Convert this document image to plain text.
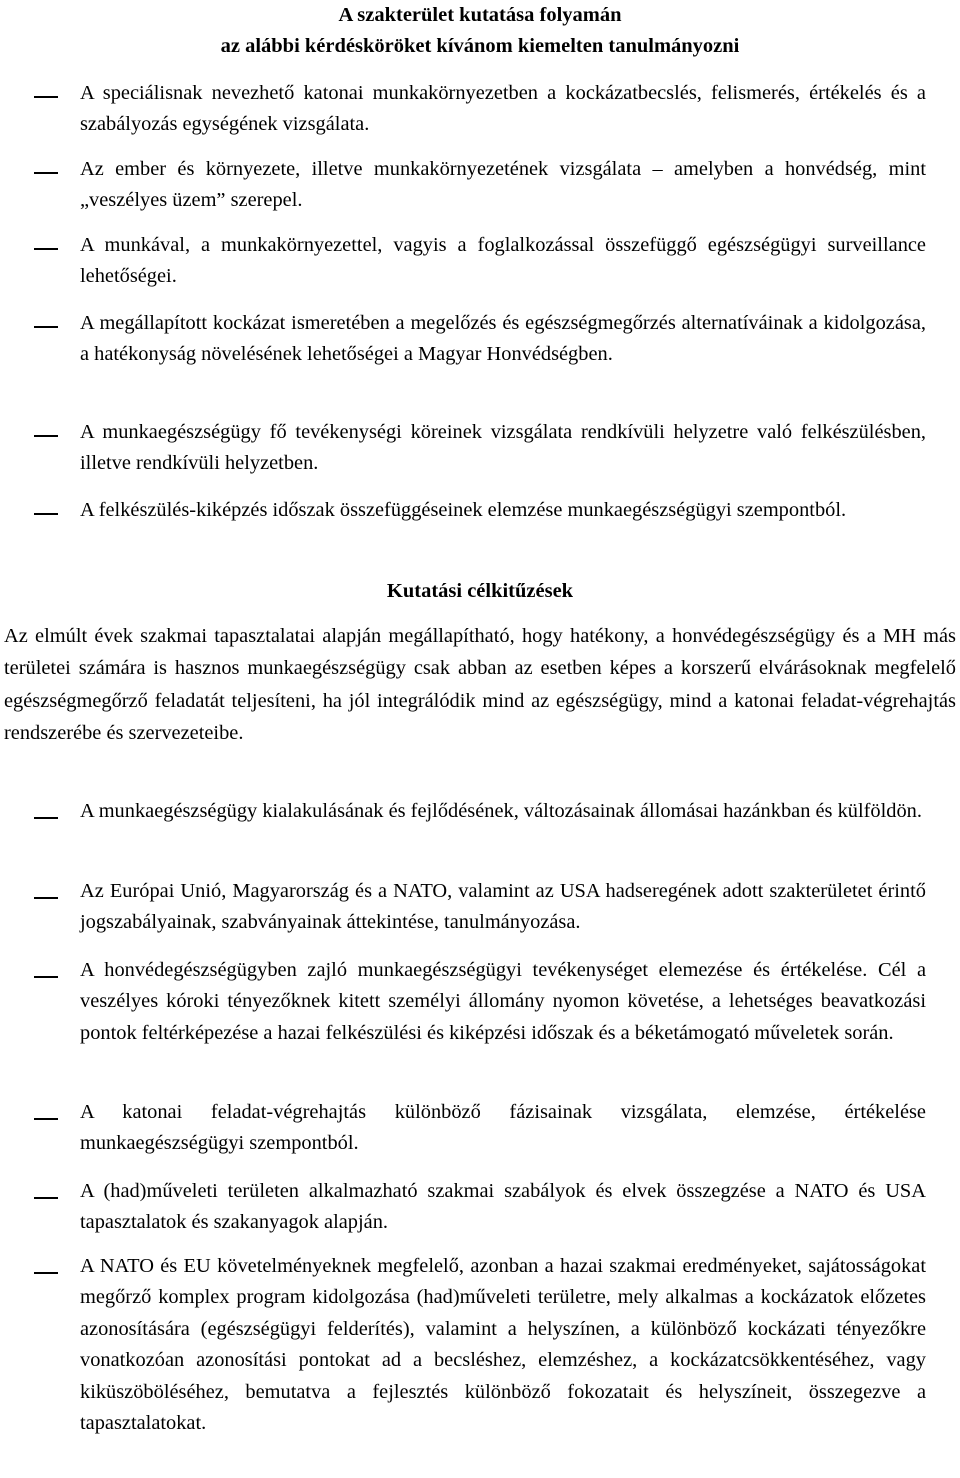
A szakterület kutatása folyamán
az alábbi kérdésköröket kívánom kiemelten tanulmányozni
A speciálisnak nevezhető katonai munkakörnyezetben a kockázatbecslés, felismerés, értékelés és a szabályozás egységének vizsgálata.
Az ember és környezete, illetve munkakörnyezetének vizsgálata – amelyben a honvédség, mint „veszélyes üzem” szerepel.
A munkával, a munkakörnyezettel, vagyis a foglalkozással összefüggő egészségügyi surveillance lehetőségei.
A megállapított kockázat ismeretében a megelőzés és egészségmegőrzés alternatíváinak a kidolgozása, a hatékonyság növelésének lehetőségei a Magyar Honvédségben.
A munkaegészségügy fő tevékenységi köreinek vizsgálata rendkívüli helyzetre való felkészülésben, illetve rendkívüli helyzetben.
A felkészülés-kiképzés időszak összefüggéseinek elemzése munkaegészségügyi szempontból.
Kutatási célkitűzések
Az elmúlt évek szakmai tapasztalatai alapján megállapítható, hogy hatékony, a honvédegészségügy és a MH más területei számára is hasznos munkaegészségügy csak abban az esetben képes a korszerű elvárásoknak megfelelő egészségmegőrző feladatát teljesíteni, ha jól integrálódik mind az egészségügy, mind a katonai feladat-végrehajtás rendszerébe és szervezeteibe.
A munkaegészségügy kialakulásának és fejlődésének, változásainak állomásai hazánkban és külföldön.
Az Európai Unió, Magyarország és a NATO, valamint az USA hadseregének adott szakterületet érintő jogszabályainak, szabványainak áttekintése, tanulmányozása.
A honvédegészségügyben zajló munkaegészségügyi tevékenységet elemezése és értékelése. Cél a veszélyes kóroki tényezőknek kitett személyi állomány nyomon követése, a lehetséges beavatkozási pontok feltérképezése a hazai felkészülési és kiképzési időszak és a béketámogató műveletek során.
A katonai feladat-végrehajtás különböző fázisainak vizsgálata, elemzése, értékelése munkaegészségügyi szempontból.
A (had)műveleti területen alkalmazható szakmai szabályok és elvek összegzése a NATO és USA tapasztalatok és szakanyagok alapján.
A NATO és EU követelményeknek megfelelő, azonban a hazai szakmai eredményeket, sajátosságokat megőrző komplex program kidolgozása (had)műveleti területre, mely alkalmas a kockázatok előzetes azonosítására (egészségügyi felderítés), valamint a helyszínen, a különböző kockázati tényezőkre vonatkozóan azonosítási pontokat ad a becsléshez, elemzéshez, a kockázatcsökkentéséhez, vagy kiküszöböléséhez, bemutatva a fejlesztés különböző fokozatait és helyszíneit, összegezve a tapasztalatokat.
